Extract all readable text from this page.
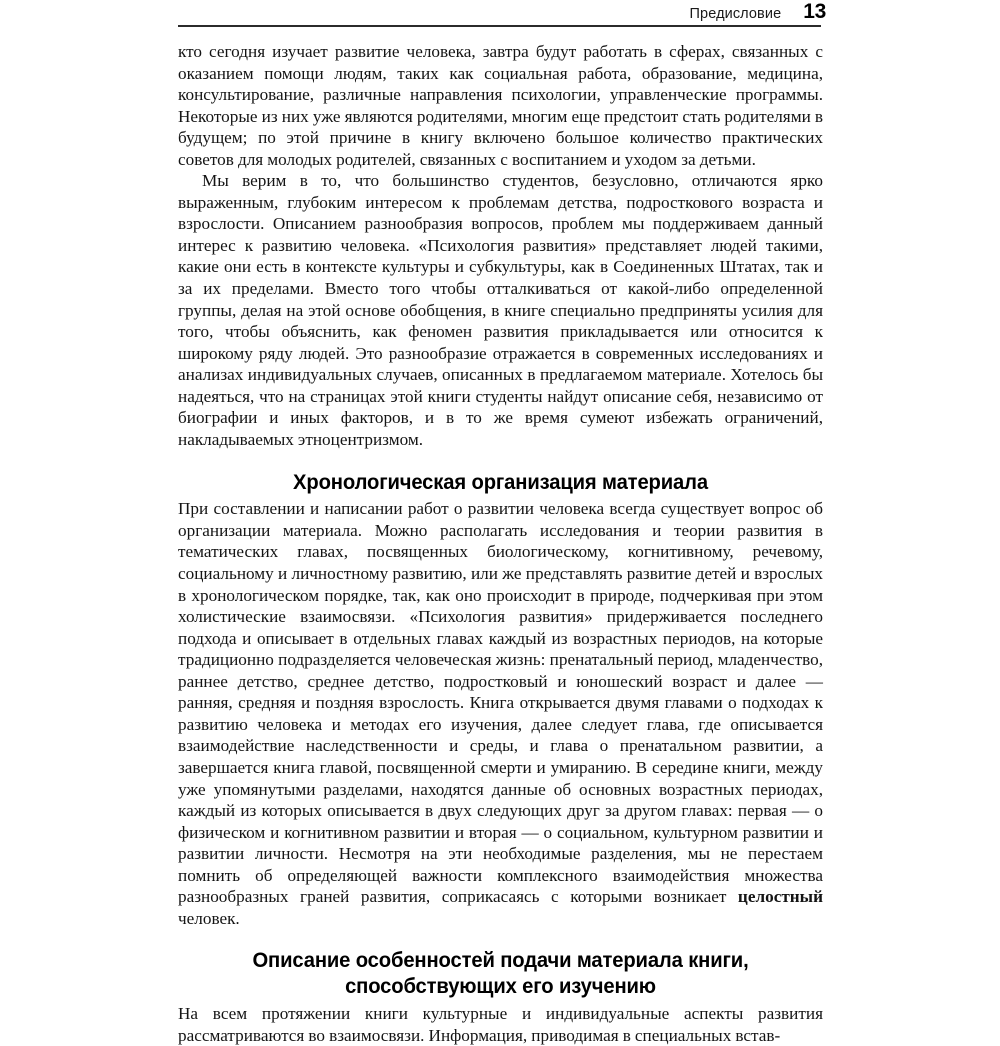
Предисловие 13

кто сегодня изучает развитие человека, завтра будут работать в сферах, связанных с оказанием помощи людям, таких как социальная работа, образование, медицина, консультирование, различные направления психологии, управленческие программы. Некоторые из них уже являются родителями, многим еще предстоит стать родителями в будущем; по этой причине в книгу включено большое количество практических советов для молодых родителей, связанных с воспитанием и уходом за детьми.

Мы верим в то, что большинство студентов, безусловно, отличаются ярко выраженным, глубоким интересом к проблемам детства, подросткового возраста и взрослости. Описанием разнообразия вопросов, проблем мы поддерживаем данный интерес к развитию человека. «Психология развития» представляет людей такими, какие они есть в контексте культуры и субкультуры, как в Соединенных Штатах, так и за их пределами. Вместо того чтобы отталкиваться от какой-либо определенной группы, делая на этой основе обобщения, в книге специально предприняты усилия для того, чтобы объяснить, как феномен развития прикладывается или относится к широкому ряду людей. Это разнообразие отражается в современных исследованиях и анализах индивидуальных случаев, описанных в предлагаемом материале. Хотелось бы надеяться, что на страницах этой книги студенты найдут описание себя, независимо от биографии и иных факторов, и в то же время сумеют избежать ограничений, накладываемых этноцентризмом.

Хронологическая организация материала

При составлении и написании работ о развитии человека всегда существует вопрос об организации материала. Можно располагать исследования и теории развития в тематических главах, посвященных биологическому, когнитивному, речевому, социальному и личностному развитию, или же представлять развитие детей и взрослых в хронологическом порядке, так, как оно происходит в природе, подчеркивая при этом холистические взаимосвязи. «Психология развития» придерживается последнего подхода и описывает в отдельных главах каждый из возрастных периодов, на которые традиционно подразделяется человеческая жизнь: пренатальный период, младенчество, раннее детство, среднее детство, подростковый и юношеский возраст и далее — ранняя, средняя и поздняя взрослость. Книга открывается двумя главами о подходах к развитию человека и методах его изучения, далее следует глава, где описывается взаимодействие наследственности и среды, и глава о пренатальном развитии, а завершается книга главой, посвященной смерти и умиранию. В середине книги, между уже упомянутыми разделами, находятся данные об основных возрастных периодах, каждый из которых описывается в двух следующих друг за другом главах: первая — о физическом и когнитивном развитии и вторая — о социальном, культурном развитии и развитии личности. Несмотря на эти необходимые разделения, мы не перестаем помнить об определяющей важности комплексного взаимодействия множества разнообразных граней развития, соприкасаясь с которыми возникает целостный человек.

Описание особенностей подачи материала книги,
способствующих его изучению

На всем протяжении книги культурные и индивидуальные аспекты развития рассматриваются во взаимосвязи. Информация, приводимая в специальных встав-
